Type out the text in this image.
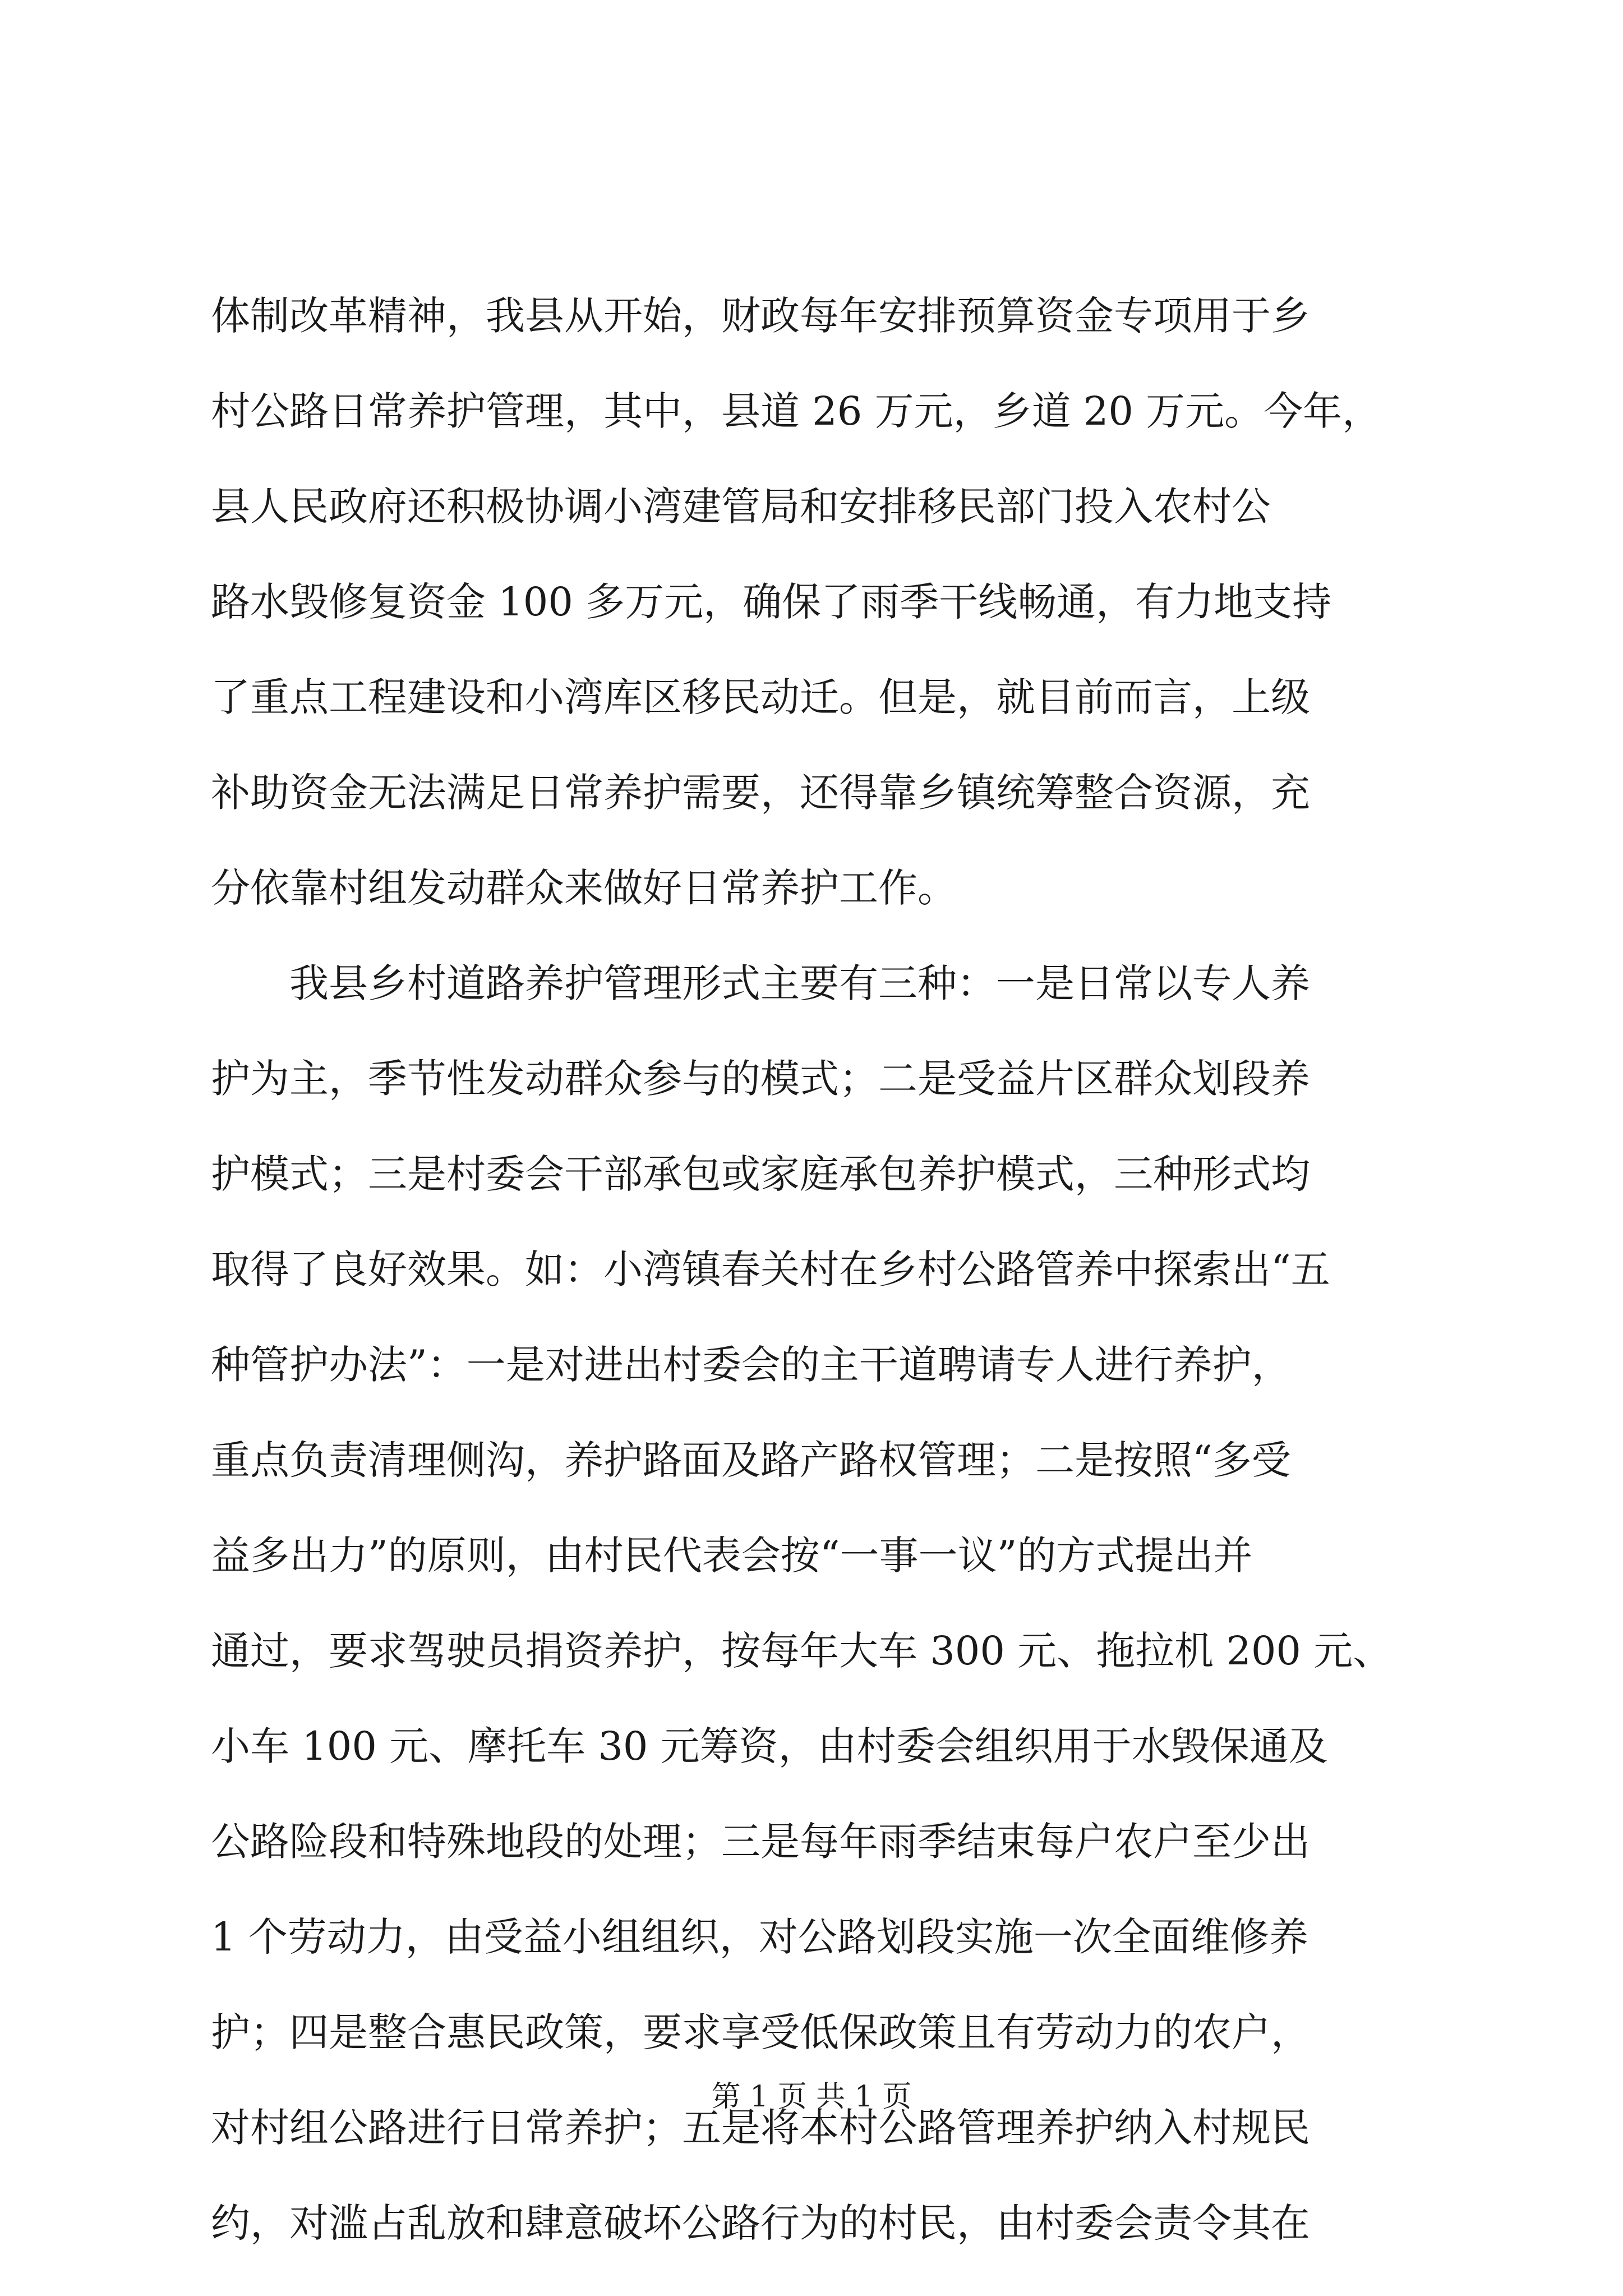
体制改革精神，我县从开始，财政每年安排预算资金专项用于乡
村公路日常养护管理，其中，县道 26 万元，乡道 20 万元。今年，
县人民政府还积极协调小湾建管局和安排移民部门投入农村公
路水毁修复资金 100 多万元，确保了雨季干线畅通，有力地支持
了重点工程建设和小湾库区移民动迁。但是，就目前而言，上级
补助资金无法满足日常养护需要，还得靠乡镇统筹整合资源，充
分依靠村组发动群众来做好日常养护工作。
　　我县乡村道路养护管理形式主要有三种：一是日常以专人养
护为主，季节性发动群众参与的模式；二是受益片区群众划段养
护模式；三是村委会干部承包或家庭承包养护模式，三种形式均
取得了良好效果。如：小湾镇春关村在乡村公路管养中探索出“五
种管护办法”：一是对进出村委会的主干道聘请专人进行养护，
重点负责清理侧沟，养护路面及路产路权管理；二是按照“多受
益多出力”的原则，由村民代表会按“一事一议”的方式提出并
通过，要求驾驶员捐资养护，按每年大车 300 元、拖拉机 200 元、
小车 100 元、摩托车 30 元筹资，由村委会组织用于水毁保通及
公路险段和特殊地段的处理；三是每年雨季结束每户农户至少出
1 个劳动力，由受益小组组织，对公路划段实施一次全面维修养
护；四是整合惠民政策，要求享受低保政策且有劳动力的农户，
对村组公路进行日常养护；五是将本村公路管理养护纳入村规民
约，对滥占乱放和肆意破坏公路行为的村民，由村委会责令其在
第 1 页 共 1 页
